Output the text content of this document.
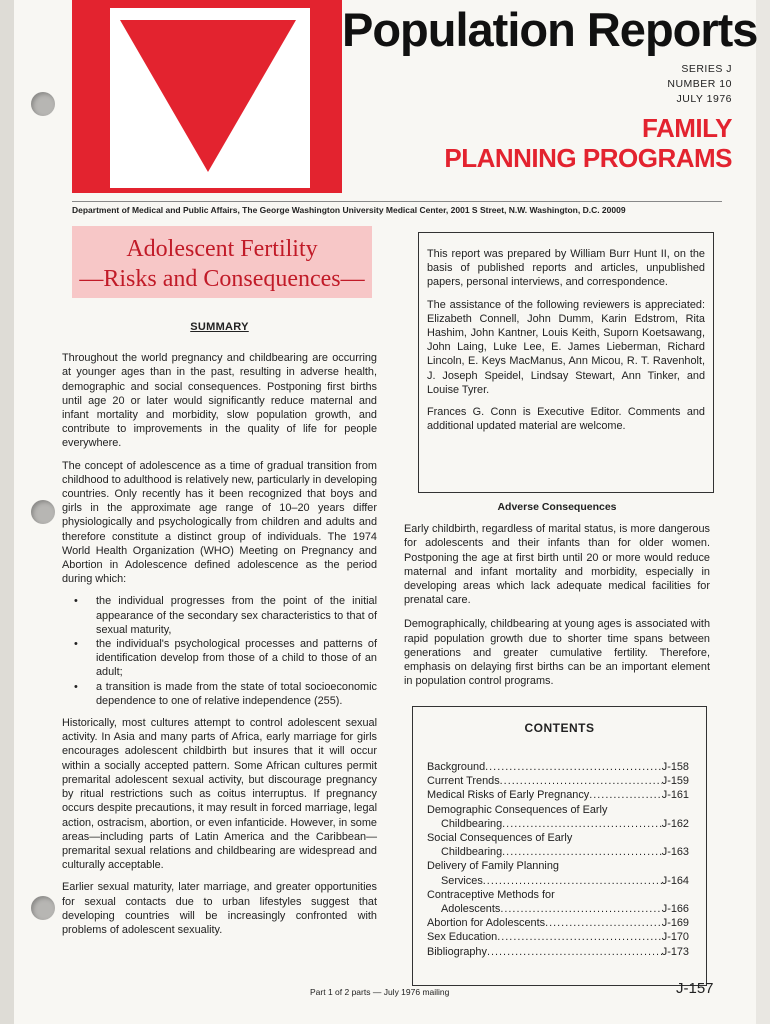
Population Reports
SERIES J
NUMBER 10
JULY 1976
FAMILY
PLANNING PROGRAMS
Department of Medical and Public Affairs, The George Washington University Medical Center, 2001 S Street, N.W. Washington, D.C. 20009
Adolescent Fertility
—Risks and Consequences—
SUMMARY

Throughout the world pregnancy and childbearing are occurring at younger ages than in the past, resulting in adverse health, demographic and social consequences. Postponing first births until age 20 or later would significantly reduce maternal and infant mortality and morbidity, slow population growth, and contribute to improvements in the quality of life for people everywhere.

The concept of adolescence as a time of gradual transition from childhood to adulthood is relatively new, particularly in developing countries. Only recently has it been recognized that boys and girls in the approximate age range of 10–20 years differ physiologically and psychologically from children and adults and therefore constitute a distinct group of individuals. The 1974 World Health Organization (WHO) Meeting on Pregnancy and Abortion in Adolescence defined adolescence as the period during which:

• the individual progresses from the point of the initial appearance of the secondary sex characteristics to that of sexual maturity,
• the individual's psychological processes and patterns of identification develop from those of a child to those of an adult;
• a transition is made from the state of total socioeconomic dependence to one of relative independence (255).

Historically, most cultures attempt to control adolescent sexual activity. In Asia and many parts of Africa, early marriage for girls encourages adolescent childbirth but insures that it will occur within a socially accepted pattern. Some African cultures permit premarital adolescent sexual activity, but discourage pregnancy by ritual restrictions such as coitus interruptus. If pregnancy occurs despite precautions, it may result in forced marriage, legal action, ostracism, abortion, or even infanticide. However, in some areas—including parts of Latin America and the Caribbean—premarital sexual relations and childbearing are widespread and culturally acceptable.

Earlier sexual maturity, later marriage, and greater opportunities for sexual contacts due to urban lifestyles suggest that developing countries will be increasingly confronted with problems of adolescent sexuality.

This report was prepared by William Burr Hunt II, on the basis of published reports and articles, unpublished papers, personal interviews, and correspondence.

The assistance of the following reviewers is appreciated: Elizabeth Connell, John Dumm, Karin Edstrom, Rita Hashim, John Kantner, Louis Keith, Suporn Koetsawang, John Laing, Luke Lee, E. James Lieberman, Richard Lincoln, E. Keys MacManus, Ann Micou, R. T. Ravenholt, J. Joseph Speidel, Lindsay Stewart, Ann Tinker, and Louise Tyrer.

Frances G. Conn is Executive Editor. Comments and additional updated material are welcome.

Adverse Consequences

Early childbirth, regardless of marital status, is more dangerous for adolescents and their infants than for older women. Postponing the age at first birth until 20 or more would reduce maternal and infant mortality and morbidity, especially in developing areas which lack adequate medical facilities for prenatal care.

Demographically, childbearing at young ages is associated with rapid population growth due to shorter time spans between generations and greater cumulative fertility. Therefore, emphasis on delaying first births can be an important element in population control programs.

CONTENTS
Background .....	J-158
Current Trends .....	J-159
Medical Risks of Early Pregnancy .....	J-161
Demographic Consequences of Early
Childbearing .....	J-162
Social Consequences of Early
Childbearing .....	J-163
Delivery of Family Planning
Services .....	J-164
Contraceptive Methods for
Adolescents .....	J-166
Abortion for Adolescents .....	J-169
Sex Education .....	J-170
Bibliography .....	J-173
Part 1 of 2 parts — July 1976 mailing	J-157
